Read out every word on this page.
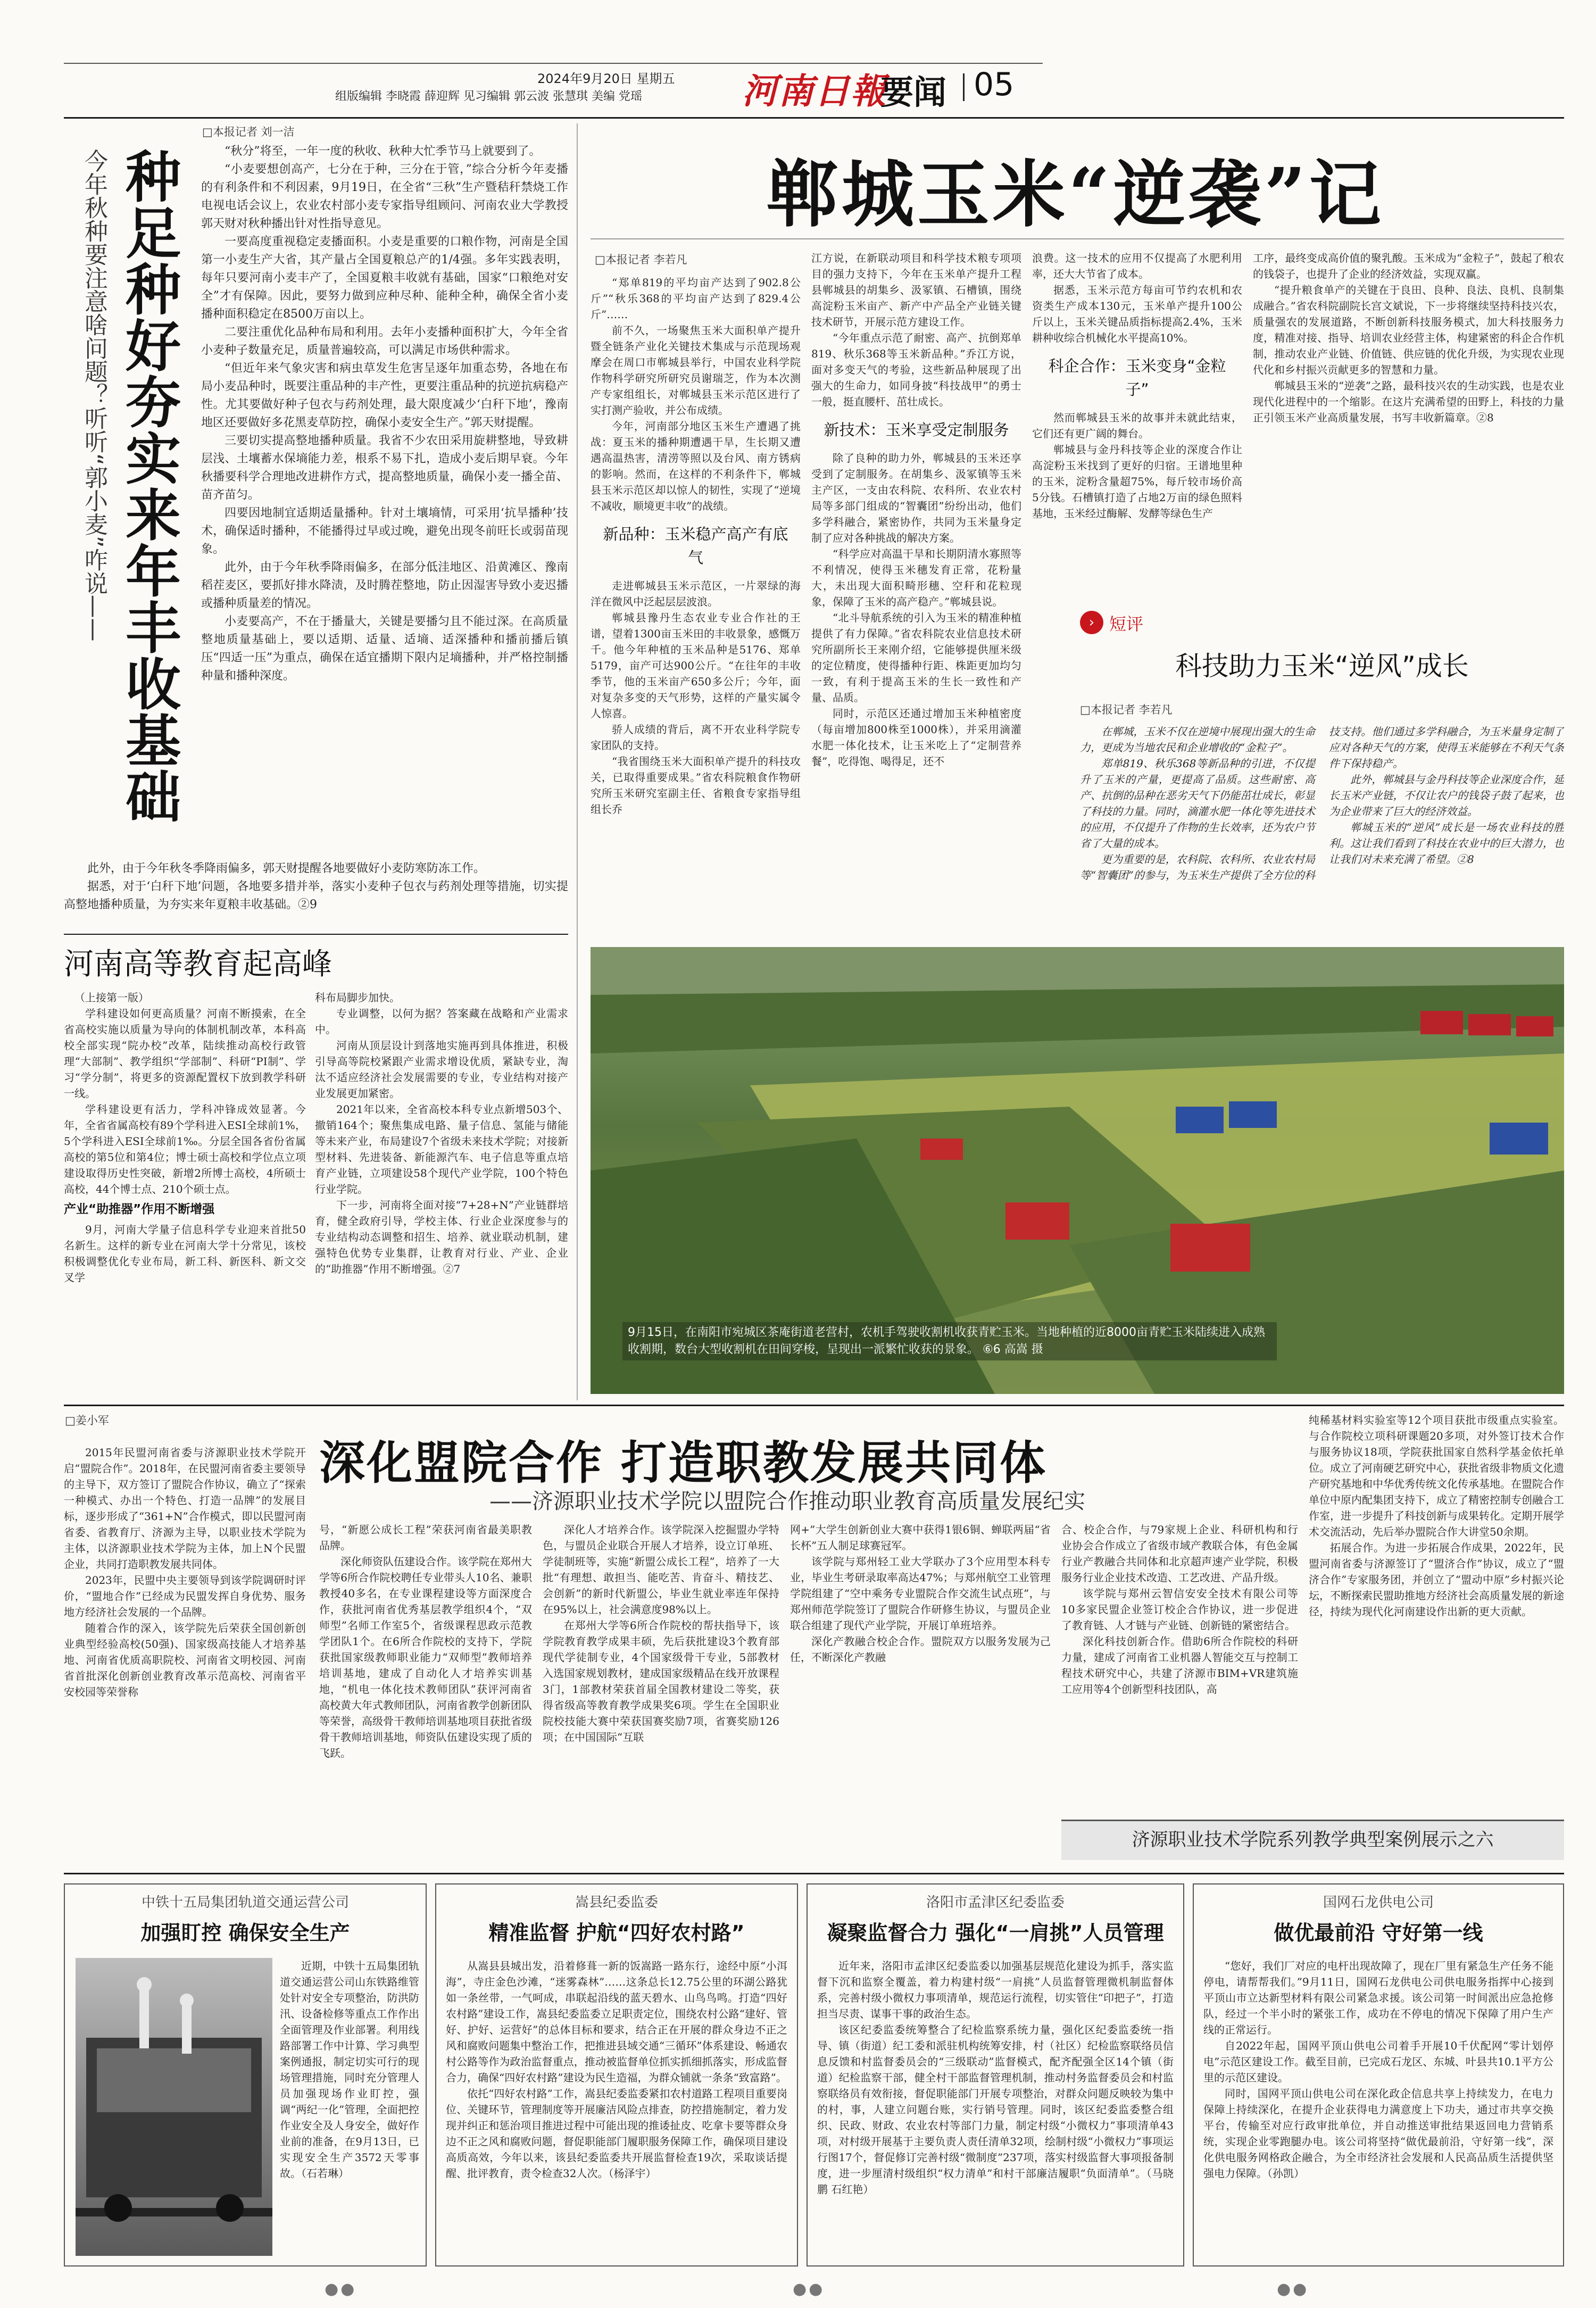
2024年9月20日 星期五
组版编辑 李晓霞 薛迎辉 见习编辑 郭云波 张慧琪 美编 党瑶	河南日報
要闻 05
□本报记者 刘一洁
今年秋种要注意啥问题？听听“郭小麦”咋说—— 种足种好夯实来年丰收基础	“秋分”将至，一年一度的秋收、秋种大忙季节马上就要到了。

“小麦要想创高产，七分在于种，三分在于管，”综合分析今年麦播的有利条件和不利因素，9月19日，在全省“三秋”生产暨秸秆禁烧工作电视电话会议上，农业农村部小麦专家指导组顾问、河南农业大学教授郭天财对秋种播出针对性指导意见。

一要高度重视稳定麦播面积。小麦是重要的口粮作物，河南是全国第一小麦生产大省，其产量占全国夏粮总产的1/4强。多年实践表明，每年只要河南小麦丰产了，全国夏粮丰收就有基础，国家“口粮绝对安全”才有保障。因此，要努力做到应种尽种、能种全种，确保全省小麦播种面积稳定在8500万亩以上。

二要注重优化品种布局和利用。去年小麦播种面积扩大，今年全省小麦种子数量充足，质量普遍较高，可以满足市场供种需求。

“但近年来气象灾害和病虫草发生危害呈逐年加重态势，各地在布局小麦品种时，既要注重品种的丰产性，更要注重品种的抗逆抗病稳产性。尤其要做好种子包衣与药剂处理，最大限度减少‘白秆下地’，豫南地区还要做好多花黑麦草防控，确保小麦安全生产。”郭天财提醒。

三要切实提高整地播种质量。我省不少农田采用旋耕整地，导致耕层浅、土壤蓄水保墒能力差，根系不易下扎，造成小麦后期早衰。今年秋播要科学合理地改进耕作方式，提高整地质量，确保小麦一播全苗、苗齐苗匀。

四要因地制宜适期适量播种。针对土壤墒情，可采用‘抗旱播种’技术，确保适时播种，不能播得过早或过晚，避免出现冬前旺长或弱苗现象。

此外，由于今年秋季降雨偏多，在部分低洼地区、沿黄滩区、豫南稻茬麦区，要抓好排水降渍，及时腾茬整地，防止因湿害导致小麦迟播或播种质量差的情况。

小麦要高产，不在于播量大，关键是要播匀且不能过深。在高质量整地质量基础上，要以适期、适量、适墒、适深播种和播前播后镇压“四适一压”为重点，确保在适宜播期下限内足墒播种，并严格控制播种量和播种深度。

此外，由于今年秋冬季降雨偏多，郭天财提醒各地要做好小麦防寒防冻工作。

据悉，对于‘白秆下地’问题，各地要多措并举，落实小麦种子包衣与药剂处理等措施，切实提高整地播种质量，为夯实来年夏粮丰收基础。②9

河南高等教育起高峰

（上接第一版）

学科建设如何更高质量？河南不断摸索，在全省高校实施以质量为导向的体制机制改革，本科高校全部实现“院办校”改革，陆续推动高校行政管理“大部制”、教学组织“学部制”、科研“PI制”、学习“学分制”，将更多的资源配置权下放到教学科研一线。

学科建设更有活力，学科冲锋成效显著。今年，全省省属高校有89个学科进入ESI全球前1%，5个学科进入ESI全球前1‰。分层全国各省份省属高校的第5位和第4位；博士硕士高校和学位点立项建设取得历史性突破，新增2所博士高校，4所硕士高校，44个博士点、210个硕士点。

产业“助推器”作用不断增强

9月，河南大学量子信息科学专业迎来首批50名新生。这样的新专业在河南大学十分常见，该校积极调整优化专业布局，新工科、新医科、新文交叉学

科布局脚步加快。

专业调整，以何为据？答案藏在战略和产业需求中。

河南从顶层设计到落地实施再到具体推进，积极引导高等院校紧跟产业需求增设优质，紧缺专业，淘汰不适应经济社会发展需要的专业，专业结构对接产业发展更加紧密。

2021年以来，全省高校本科专业点新增503个、撤销164个；聚焦集成电路、量子信息、氢能与储能等未来产业，布局建设7个省级未来技术学院；对接新型材料、先进装备、新能源汽车、电子信息等重点培育产业链，立项建设58个现代产业学院，100个特色行业学院。

下一步，河南将全面对接“7+28+N”产业链群培育，健全政府引导，学校主体、行业企业深度参与的专业结构动态调整和招生、培养、就业联动机制，建强特色优势专业集群，让教育对行业、产业、企业的“助推器”作用不断增强。②7

郸城玉米“逆袭”记
□本报记者 李若凡

“郑单819的平均亩产达到了902.8公斤”“秋乐368的平均亩产达到了829.4公斤”……

前不久，一场聚焦玉米大面积单产提升暨全链条产业化关键技术集成与示范现场观摩会在周口市郸城县举行，中国农业科学院作物科学研究所研究员谢瑞芝，作为本次测产专家组组长，对郸城县玉米示范区进行了实打测产验收，并公布成绩。

今年，河南部分地区玉米生产遭遇了挑战：夏玉米的播种期遭遇干旱，生长期又遭遇高温热害，清涝等照以及台风、南方锈病的影响。然而，在这样的不利条件下，郸城县玉米示范区却以惊人的韧性，实现了“逆境不减收，顺境更丰收”的战绩。

新品种：玉米稳产高产有底气

走进郸城县玉米示范区，一片翠绿的海洋在微风中泛起层层波浪。

郸城县豫丹生态农业专业合作社的王谱，望着1300亩玉米田的丰收景象，感慨万千。他今年种植的玉米品种是5176、郑单5179，亩产可达900公斤。“在往年的丰收季节，他的玉米亩产650多公斤；今年，面对复杂多变的天气形势，这样的产量实属令人惊喜。

骄人成绩的背后，离不开农业科学院专家团队的支持。

“我省围绕玉米大面积单产提升的科技攻关，已取得重要成果。”省农科院粮食作物研究所玉米研究室副主任、省粮食专家指导组组长乔

江方说，在新联动项目和科学技术粮专项项目的强力支持下，今年在玉米单产提升工程县郸城县的胡集乡、汲冢镇、石槽镇，围绕高淀粉玉米亩产、新产中产品全产业链关键技术研节，开展示范方建设工作。

“今年重点示范了耐密、高产、抗倒郑单819、秋乐368等玉米新品种。”乔江方说，面对多变天气的考验，这些新品种展现了出强大的生命力，如同身披“科技战甲”的勇士一般，挺直腰杆、茁壮成长。

新技术：玉米享受定制服务

除了良种的助力外，郸城县的玉米还享受到了定制服务。在胡集乡、汲冢镇等玉米主产区，一支由农科院、农科所、农业农村局等多部门组成的“智囊团”纷纷出动，他们多学科融合，紧密协作，共同为玉米量身定制了应对各种挑战的解决方案。

“科学应对高温干旱和长期阴清水寡照等不利情况，使得玉米穗发育正常，花粉量大，未出现大面积畸形穗、空秆和花粒现象，保障了玉米的高产稳产。”郸城县说。

“北斗导航系统的引入为玉米的精准种植提供了有力保障。”省农科院农业信息技术研究所副所长王来刚介绍，它能够提供厘米级的定位精度，使得播种行距、株距更加均匀一致，有利于提高玉米的生长一致性和产量、品质。

同时，示范区还通过增加玉米种植密度（每亩增加800株至1000株），并采用滴灌水肥一体化技术，让玉米吃上了“定制营养餐”，吃得饱、喝得足，还不

浪费。这一技术的应用不仅提高了水肥利用率，还大大节省了成本。

据悉，玉米示范方每亩可节约农机和农资类生产成本130元，玉米单产提升100公斤以上，玉米关键品质指标提高2.4%，玉米耕种收综合机械化水平提高10%。

科企合作：玉米变身“金粒子”

然而郸城县玉米的故事并未就此结束，它们还有更广阔的舞台。

郸城县与金丹科技等企业的深度合作让高淀粉玉米找到了更好的归宿。王谱地里种的玉米，淀粉含量超75%，每斤较市场价高5分钱。石槽镇打造了占地2万亩的绿色照料基地，玉米经过酶解、发酵等绿色生产

工序，最终变成高价值的聚乳酸。玉米成为“金粒子”，鼓起了稂农的钱袋子，也提升了企业的经济效益，实现双赢。

“提升粮食单产的关键在于良田、良种、良法、良机、良制集成融合。”省农科院副院长宫文斌说，下一步将继续坚持科技兴农，质量强农的发展道路，不断创新科技服务模式，加大科技服务力度，精准对接、指导、培训农业经营主体，构建紧密的科企合作机制，推动农业产业链、价值链、供应链的优化升级，为实现农业现代化和乡村振兴贡献更多的智慧和力量。

郸城县玉米的“逆袭”之路，最科技兴农的生动实践，也是农业现代化进程中的一个缩影。在这片充满希望的田野上，科技的力量正引领玉米产业高质量发展，书写丰收新篇章。②8

› 短评
科技助力玉米“逆风”成长
□本报记者 李若凡

在郸城，玉米不仅在逆境中展现出强大的生命力，更成为当地农民和企业增收的“金粒子”。

郑单819、秋乐368等新品种的引进，不仅提升了玉米的产量，更提高了品质。这些耐密、高产、抗倒的品种在恶劣天气下仍能茁壮成长，彰显了科技的力量。同时，滴灌水肥一体化等先进技术的应用，不仅提升了作物的生长效率，还为农户节省了大量的成本。

更为重要的是，农科院、农科所、农业农村局等“智囊团”的参与，为玉米生产提供了全方位的科技支持。他们通过多学科融合，为玉米量身定制了应对各种天气的方案，使得玉米能够在不利天气条件下保持稳产。

此外，郸城县与金丹科技等企业深度合作，延长玉米产业链，不仅让农户的钱袋子鼓了起来，也为企业带来了巨大的经济效益。

郸城玉米的“逆风”成长是一场农业科技的胜利。这让我们看到了科技在农业中的巨大潜力，也让我们对未来充满了希望。②8

9月15日，在南阳市宛城区茶庵街道老营村，农机手驾驶收割机收获青贮玉米。当地种植的近8000亩青贮玉米陆续进入成熟收割期，数台大型收割机在田间穿梭，呈现出一派繁忙收获的景象。 ⑥6 高嵩 摄
□姜小军

2015年民盟河南省委与济源职业技术学院开启“盟院合作”。2018年，在民盟河南省委主要领导的主导下，双方签订了盟院合作协议，确立了“探索一种模式、办出一个特色、打造一品牌”的发展目标，逐步形成了“361+N”合作模式，即以民盟河南省委、省教育厅、济源为主导，以职业技术学院为主体，以济源职业技术学院为主体，加上N个民盟企业，共同打造职教发展共同体。

2023年，民盟中央主要领导到该学院调研时评价，“盟地合作”已经成为民盟发挥自身优势、服务地方经济社会发展的一个品牌。

随着合作的深入，该学院先后荣获全国创新创业典型经验高校(50强)、国家级高技能人才培养基地、河南省优质高职院校、河南省文明校园、河南省首批深化创新创业教育改革示范高校、河南省平安校园等荣誉称

深化盟院合作 打造职教发展共同体
——济源职业技术学院以盟院合作推动职业教育高质量发展纪实

号，“新愿公成长工程”荣获河南省最美职教品牌。

深化师资队伍建设合作。该学院在郑州大学等6所合作院校聘任专业带头人10名、兼职教授40多名，在专业课程建设等方面深度合作，获批河南省优秀基层教学组织4个，“双师型”名师工作室5个，省级课程思政示范教学团队1个。在6所合作院校的支持下，学院获批国家级教师职业能力“双师型”教师培养培训基地，建成了自动化人才培养实训基地，“机电一体化技术教师团队”获评河南省高校黄大年式教师团队，河南省教学创新团队等荣誉，高级骨干教师培训基地项目获批省级骨干教师培训基地，师资队伍建设实现了质的飞跃。

深化人才培养合作。该学院深入挖掘盟办学特色，与盟员企业联合开展人才培养，设立订单班、学徒制班等，实施“新盟公成长工程”，培养了一大批“有理想、敢担当、能吃苦、肯奋斗、精技艺、会创新”的新时代新盟公，毕业生就业率连年保持在95%以上，社会满意度98%以上。

在郑州大学等6所合作院校的帮扶指导下，该学院教育教学成果丰硕，先后获批建设3个教育部现代学徒制专业，4个国家级骨干专业，5部教材入选国家规划教材，建成国家级精品在线开放课程3门，1部教材荣获首届全国教材建设二等奖，获得省级高等教育教学成果奖6项。学生在全国职业院校技能大赛中荣获国赛奖励7项，省赛奖励126项；在中国国际“互联

网+”大学生创新创业大赛中获得1银6铜、蝉联两届“省长杯”五人制足球赛冠军。

该学院与郑州轻工业大学联办了3个应用型本科专业，毕业生考研录取率高达47%；与郑州航空工业管理学院组建了“空中乘务专业盟院合作交流生试点班”，与郑州师范学院签订了盟院合作研修生协议，与盟员企业联合组建了现代产业学院，开展订单班培养。

深化产教融合校企合作。盟院双方以服务发展为己任，不断深化产教融

合、校企合作，与79家规上企业、科研机构和行业协会合作成立了省级市域产教联合体，有色金属行业产教融合共同体和北京超声速产业学院，积极服务行业企业技术改造、工艺改进、产品升级。

该学院与郑州云智信安安全技术有限公司等10多家民盟企业签订校企合作协议，进一步促进了教育链、人才链与产业链、创新链的紧密结合。

深化科技创新合作。借助6所合作院校的科研力量，建成了河南省工业机器人智能交互与控制工程技术研究中心，共建了济源市BIM+VR建筑施工应用等4个创新型科技团队，高

纯稀基材料实验室等12个项目获批市级重点实验室。与合作院校立项科研课题20多项，对外签订技术合作与服务协议18项，学院获批国家自然科学基金依托单位。成立了河南硬艺研究中心，获批省级非物质文化遗产研究基地和中华优秀传统文化传承基地。在盟院合作单位中原内配集团支持下，成立了精密控制专创融合工作室，进一步提升了科技创新与成果转化。定期开展学术交流活动，先后举办盟院合作大讲堂50余期。

拓展合作。为进一步拓展合作成果，2022年，民盟河南省委与济源签订了“盟济合作”协议，成立了“盟济合作”专家服务团，并创立了“盟动中原”乡村振兴论坛，不断探索民盟助推地方经济社会高质量发展的新途径，持续为现代化河南建设作出新的更大贡献。

济源职业技术学院系列教学典型案例展示之六
中铁十五局集团轨道交通运营公司
加强盯控 确保安全生产

近期，中铁十五局集团轨道交通运营公司山东铁路维管处针对安全专项整治，防洪防汛、设备检修等重点工作作出全面管理及作业部署。利用线路部署工作中计算、学习典型案例通报，制定切实可行的现场管理措施，同时充分管理人员加强现场作业盯控，强调“两纪一化”管理，全面把控作业安全及人身安全，做好作业前的准备，在9月13日，已实现安全生产3572天零事故。（石若琳）

嵩县纪委监委
精准监督 护航“四好农村路”

从嵩县县城出发，沿着修葺一新的饭嵩路一路东行，途经中原“小洱海”，寺庄金色沙滩，“迷雾森林”……这条总长12.75公里的环湖公路犹如一条丝带，一气呵成，串联起沿线的蓝天碧水、山鸟鸟鸣。打造“四好农村路”建设工作，嵩县纪委监委立足职责定位，围绕农村公路“建好、管好、护好、运营好”的总体目标和要求，结合正在开展的群众身边不正之风和腐败问题集中整治工作，把推进县域交通“三循环”体系建设、畅通农村公路等作为政治监督重点，推动被监督单位抓实抓细抓落实，形成监督合力，确保“四好农村路”建设为民生造福，为群众铺就一条条“致富路”。

依托“四好农村路”工作，嵩县纪委监委紧扣农村道路工程项目重要岗位、关键环节，管理制度等开展廉洁风险点排查，防控措施制定，着力发现并纠正和惩治项目推进过程中可能出现的推诿扯皮、吃拿卡要等群众身边不正之风和腐败问题，督促职能部门履职服务保障工作，确保项目建设高质高效，今年以来，该县纪委监委共开展监督检查19次，采取谈话提醒、批评教育，责令检查32人次。（杨泽宇）

洛阳市孟津区纪委监委
凝聚监督合力 强化“一肩挑”人员管理

近年来，洛阳市孟津区纪委监委以加强基层规范化建设为抓手，落实监督下沉和监察全覆盖，着力构建村级“一肩挑”人员监督管理微机制监督体系，完善村级小微权力事项清单，规范运行流程，切实管住“印把子”，打造担当尽责、谋事干事的政治生态。

该区纪委监委统筹整合了纪检监察系统力量，强化区纪委监委统一指导、镇（街道）纪工委和派驻机构统筹安排，村（社区）纪检监察联络员信息反馈和村监督委员会的“三级联动”监督模式，配齐配强全区14个镇（街道）纪检监察干部，健全村干部监督管理机制，推动村务监督委员会和村监察联络员有效衔接，督促职能部门开展专项整治，对群众问题反映较为集中的村，事，人建立问题台账，实行销号管理。同时，该区纪委监委整合组织、民政、财政、农业农村等部门力量，制定村级“小微权力”事项清单43项，对村级开展基于主要负责人责任清单32项，绘制村级“小微权力”事项运行图17个，督促修订完善村级“微制度”237项，落实村级监督大事项报备制度，进一步厘清村级组织“权力清单”和村干部廉洁履职“负面清单”。（马晓鹏 石红艳）

国网石龙供电公司
做优最前沿 守好第一线

“您好，我们厂对应的电杆出现故障了，现在厂里有紧急生产任务不能停电，请帮帮我们。”9月11日，国网石龙供电公司供电服务指挥中心接到平顶山市立达新型材料有限公司紧急求援。该公司第一时间派出应急抢修队，经过一个半小时的紧张工作，成功在不停电的情况下保障了用户生产线的正常运行。

自2022年起，国网平顶山供电公司着手开展10千伏配网“零计划停电”示范区建设工作。截至目前，已完成石龙区、东城、叶县共10.1平方公里的示范区建设。

同时，国网平顶山供电公司在深化政企信息共享上持续发力，在电力保障上持续深化，在提升企业获得电力满意度上下功夫，通过市共享交换平台，传输至对应行政审批单位，并自动推送审批结果返回电力营销系统，实现企业零跑腿办电。该公司将坚持“做优最前沿，守好第一线”，深化供电服务网格政企融合，为全市经济社会发展和人民高品质生活提供坚强电力保障。（孙凯）

●●	●●	●●
